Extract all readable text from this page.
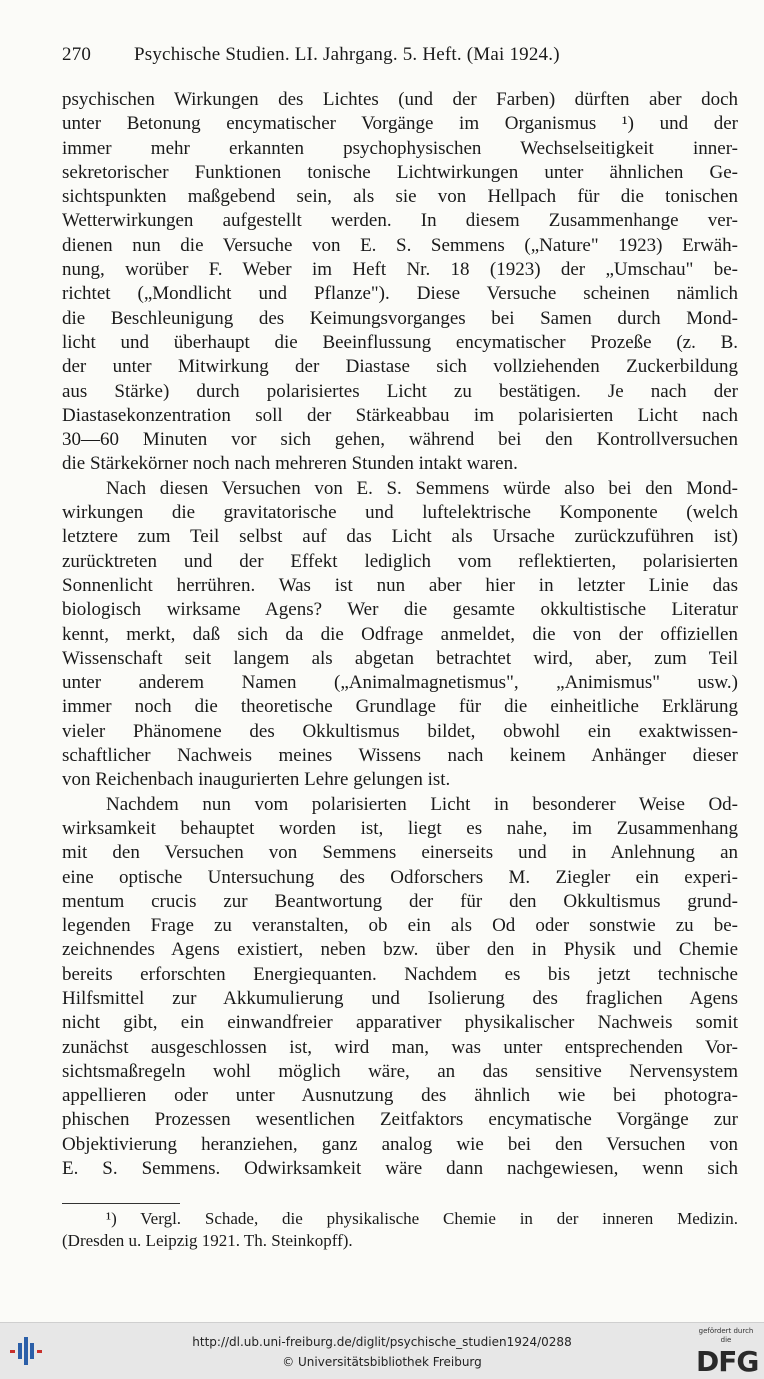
270 Psychische Studien. LI. Jahrgang. 5. Heft. (Mai 1924.)
psychischen Wirkungen des Lichtes (und der Farben) dürften aber doch
unter Betonung encymatischer Vorgänge im Organismus ¹) und der
immer mehr erkannten psychophysischen Wechselseitigkeit inner-
sekretorischer Funktionen tonische Lichtwirkungen unter ähnlichen Ge-
sichtspunkten maßgebend sein, als sie von Hellpach für die tonischen
Wetterwirkungen aufgestellt werden. In diesem Zusammenhange ver-
dienen nun die Versuche von E. S. Semmens („Nature" 1923) Erwäh-
nung, worüber F. Weber im Heft Nr. 18 (1923) der „Umschau" be-
richtet („Mondlicht und Pflanze"). Diese Versuche scheinen nämlich
die Beschleunigung des Keimungsvorganges bei Samen durch Mond-
licht und überhaupt die Beeinflussung encymatischer Prozeße (z. B.
der unter Mitwirkung der Diastase sich vollziehenden Zuckerbildung
aus Stärke) durch polarisiertes Licht zu bestätigen. Je nach der
Diastasekonzentration soll der Stärkeabbau im polarisierten Licht nach
30—60 Minuten vor sich gehen, während bei den Kontrollversuchen
die Stärkekörner noch nach mehreren Stunden intakt waren.
Nach diesen Versuchen von E. S. Semmens würde also bei den Mond-
wirkungen die gravitatorische und luftelektrische Komponente (welch
letztere zum Teil selbst auf das Licht als Ursache zurückzuführen ist)
zurücktreten und der Effekt lediglich vom reflektierten, polarisierten
Sonnenlicht herrühren. Was ist nun aber hier in letzter Linie das
biologisch wirksame Agens? Wer die gesamte okkultistische Literatur
kennt, merkt, daß sich da die Odfrage anmeldet, die von der offiziellen
Wissenschaft seit langem als abgetan betrachtet wird, aber, zum Teil
unter anderem Namen („Animalmagnetismus", „Animismus" usw.)
immer noch die theoretische Grundlage für die einheitliche Erklärung
vieler Phänomene des Okkultismus bildet, obwohl ein exaktwissen-
schaftlicher Nachweis meines Wissens nach keinem Anhänger dieser
von Reichenbach inaugurierten Lehre gelungen ist.
Nachdem nun vom polarisierten Licht in besonderer Weise Od-
wirksamkeit behauptet worden ist, liegt es nahe, im Zusammenhang
mit den Versuchen von Semmens einerseits und in Anlehnung an
eine optische Untersuchung des Odforschers M. Ziegler ein experi-
mentum crucis zur Beantwortung der für den Okkultismus grund-
legenden Frage zu veranstalten, ob ein als Od oder sonstwie zu be-
zeichnendes Agens existiert, neben bzw. über den in Physik und Chemie
bereits erforschten Energiequanten. Nachdem es bis jetzt technische
Hilfsmittel zur Akkumulierung und Isolierung des fraglichen Agens
nicht gibt, ein einwandfreier apparativer physikalischer Nachweis somit
zunächst ausgeschlossen ist, wird man, was unter entsprechenden Vor-
sichtsmaßregeln wohl möglich wäre, an das sensitive Nervensystem
appellieren oder unter Ausnutzung des ähnlich wie bei photogra-
phischen Prozessen wesentlichen Zeitfaktors encymatische Vorgänge zur
Objektivierung heranziehen, ganz analog wie bei den Versuchen von
E. S. Semmens. Odwirksamkeit wäre dann nachgewiesen, wenn sich
¹) Vergl. Schade, die physikalische Chemie in der inneren Medizin.
(Dresden u. Leipzig 1921. Th. Steinkopff).
http://dl.ub.uni-freiburg.de/diglit/psychische_studien1924/0288
© Universitätsbibliothek Freiburg
gefördert durch die
DFG
